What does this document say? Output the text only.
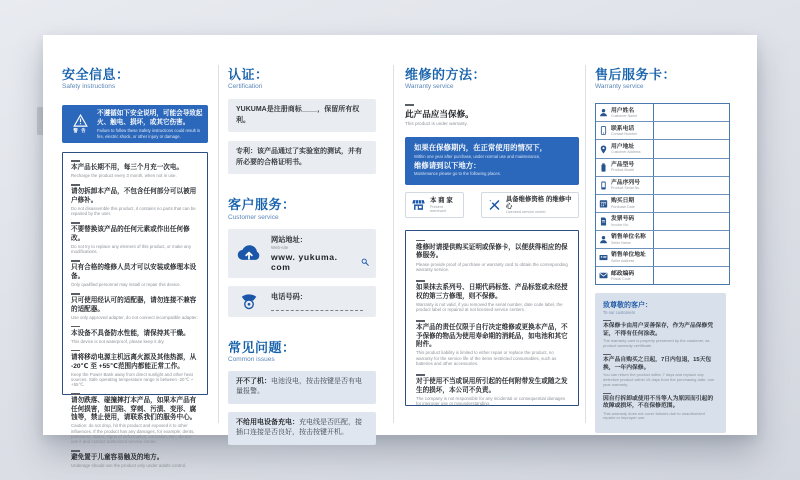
安全信息：
Safety instructions
警 告
不遵循如下安全说明，可能会导致起火、触电、损坏，或其它伤害。
Failure to follow these Safety instructions could result in fire, electric shock, or other injury or damage.
本产品长期不用，每三个月充一次电。
Recharge the product every 3 month, when not in use.
请勿拆卸本产品，不包含任何部分可以被用户修补。
Do not disassemble this product, it contains no parts that can be repaired by the user.
不要替换该产品的任何元素或作出任何修改。
Do not try to replace any element of this product, or make any modifications.
只有合格的维修人员才可以安装或修理本设备。
Only qualified personnel may install or repair this device.
只可使用经认可的适配器，请勿连接不兼容的适配器。
Use only approved adapter, do not connect incompatible adapter.
本设备不具备防水性能，请保持其干燥。
This device is not waterproof, please keep it dry.
请将移动电源主机远离火源及其他热源，从 -20℃ 至 +55℃范围内都能正常工作。
Keep the Power Bank away from direct sunlight and other heat sources. Safe operating temperature range is between -20℃ ~ +55℃.
请勿跌落、碰撞摔打本产品，如果本产品有任何损害，如凹陷、穿刺、污渍、变形、腐蚀等，禁止使用，请联系我们的服务中心。
Caution: do not drop, hit this product and exposed it to other influences. If the product has any damages, for example: dents, punctures, stains, signs of deformation, corrosion, etc., do not use it and contact authorized service center.
避免置于儿童容易触及的地方。
Underage should use the product only under adults control.
认证：
Certification
YUKUMA是注册商标____，保留所有权利。
专利：该产品通过了实验室的测试，并有所必要的合格证明书。
客户服务：
Customer service
网站地址：
Web-site
www. yukuma. com
电话号码：
常见问题：
Common issues
开不了机：电池没电，按击按键是否有电量报警。
不给用电设备充电：充电线是否匹配，接插口连接是否良好，按击按键开机。
维修的方法：
Warranty service
此产品应当保修。
This product is under warranty.
如果在保修期内，在正常使用的情况下，
Within one year after purchase, under normal use and maintenance,
维修请到以下地方：
Maintenance please go to the following places.
本 商 家
Present merchant
具备维修资格 的维修中心
Licensed service center
维修时请提供购买证明或保修卡，以便获得相应的保修服务。
Please provide proof of purchase or warranty card to obtain the corresponding warranty service.
如果抹去系列号、日期代码标签、产品标签或未经授权的第三方修理，则不保修。
Warranty is not valid, if you removed the serial number, date code label, the product label or repaired at not licensed service centers.
本产品的责任仅限于自行决定维修或更换本产品，不予保修的物品为使用寿命期的消耗品，如电池和其它附件。
This product liability is limited to either repair or replace the product, no warranty for the service life of the items restricted consumables, such as batteries and other accessories.
对于使用不当或误用所引起的任何附带发生或随之发生的损坏，本公司不负责。
The company is not responsible for any incidental or consequential damages for improper use or misunderstanding.
售后服务卡：
Warranty service
用户姓名
Customer Name
联系电话
Contact Number
用户地址
Customer Address
产品型号
Product Model
产品序列号
Product Serial No.
购买日期
Purchase Date
发票号码
Invoice No.
销售单位名称
Seller Name
销售单位地址
Seller Address
邮政编码
Postal Code
致尊敬的客户：
To our customers
本保修卡由用户妥善保存，作为产品保修凭证，不得有任何涂改。
The warranty card is properly preserved by the customer, as product warranty certificate.
本产品自购买之日起，7日内包退，15天包换，一年内保修。
You can return the product within 7 days and replace any defective product within 15 days from the purchasing date, one year warranty.
因自行拆卸或使用不当等人为原因而引起的故障或损坏，不在保修范围。
This warranty does not cover failures due to unauthorized repairs or improper use.
